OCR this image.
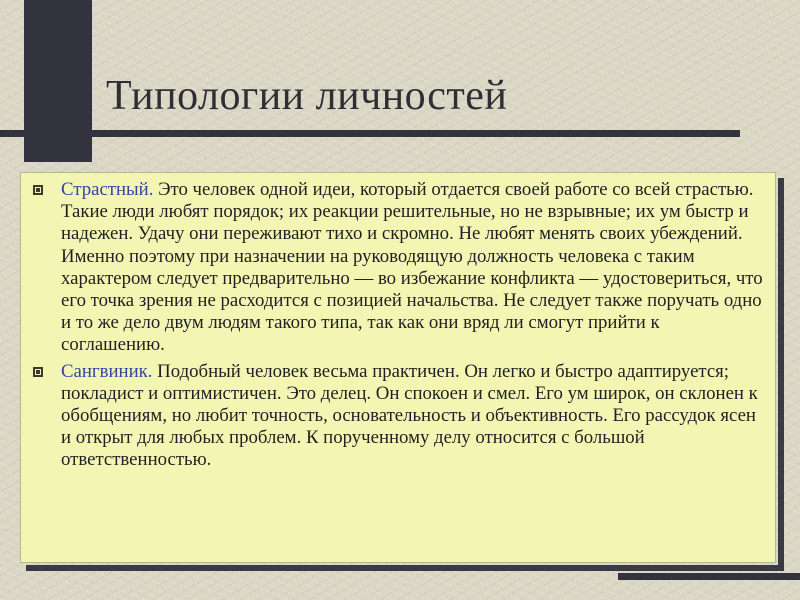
Типологии личностей
Страстный. Это человек одной идеи, который отдается своей работе со всей страстью. Такие люди любят порядок; их реакции решительные, но не взрывные; их ум быстр и надежен. Удачу они переживают тихо и скромно. Не любят менять своих убеждений. Именно поэтому при назначении на руководящую должность человека с таким характером следует предварительно — во избежание конфликта — удостовериться, что его точка зрения не расходится с позицией начальства. Не следует также поручать одно и то же дело двум людям такого типа, так как они вряд ли смогут прийти к соглашению.
Сангвиник. Подобный человек весьма практичен. Он легко и быстро адаптируется; покладист и оптимистичен. Это делец. Он спокоен и смел. Его ум широк, он склонен к обобщениям, но любит точность, основательность и объективность. Его рассудок ясен и открыт для любых проблем. К порученному делу относится с большой ответственностью.
